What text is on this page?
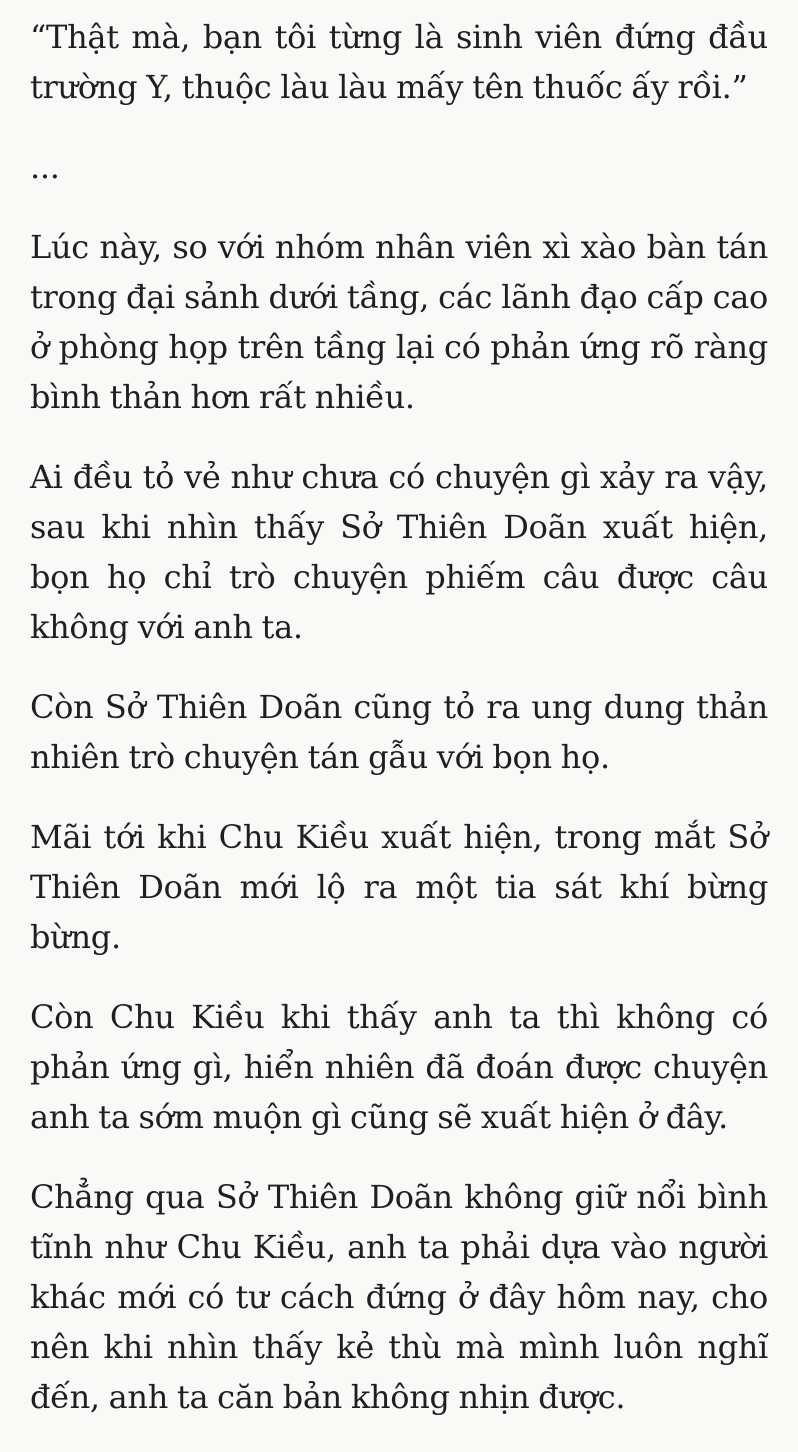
“Thật mà, bạn tôi từng là sinh viên đứng đầu trường Y, thuộc làu làu mấy tên thuốc ấy rồi.”

...

Lúc này, so với nhóm nhân viên xì xào bàn tán trong đại sảnh dưới tầng, các lãnh đạo cấp cao ở phòng họp trên tầng lại có phản ứng rõ ràng bình thản hơn rất nhiều.

Ai đều tỏ vẻ như chưa có chuyện gì xảy ra vậy, sau khi nhìn thấy Sở Thiên Doãn xuất hiện, bọn họ chỉ trò chuyện phiếm câu được câu không với anh ta.

Còn Sở Thiên Doãn cũng tỏ ra ung dung thản nhiên trò chuyện tán gẫu với bọn họ.

Mãi tới khi Chu Kiều xuất hiện, trong mắt Sở Thiên Doãn mới lộ ra một tia sát khí bừng bừng.

Còn Chu Kiều khi thấy anh ta thì không có phản ứng gì, hiển nhiên đã đoán được chuyện anh ta sớm muộn gì cũng sẽ xuất hiện ở đây.

Chẳng qua Sở Thiên Doãn không giữ nổi bình tĩnh như Chu Kiều, anh ta phải dựa vào người khác mới có tư cách đứng ở đây hôm nay, cho nên khi nhìn thấy kẻ thù mà mình luôn nghĩ đến, anh ta căn bản không nhịn được.
